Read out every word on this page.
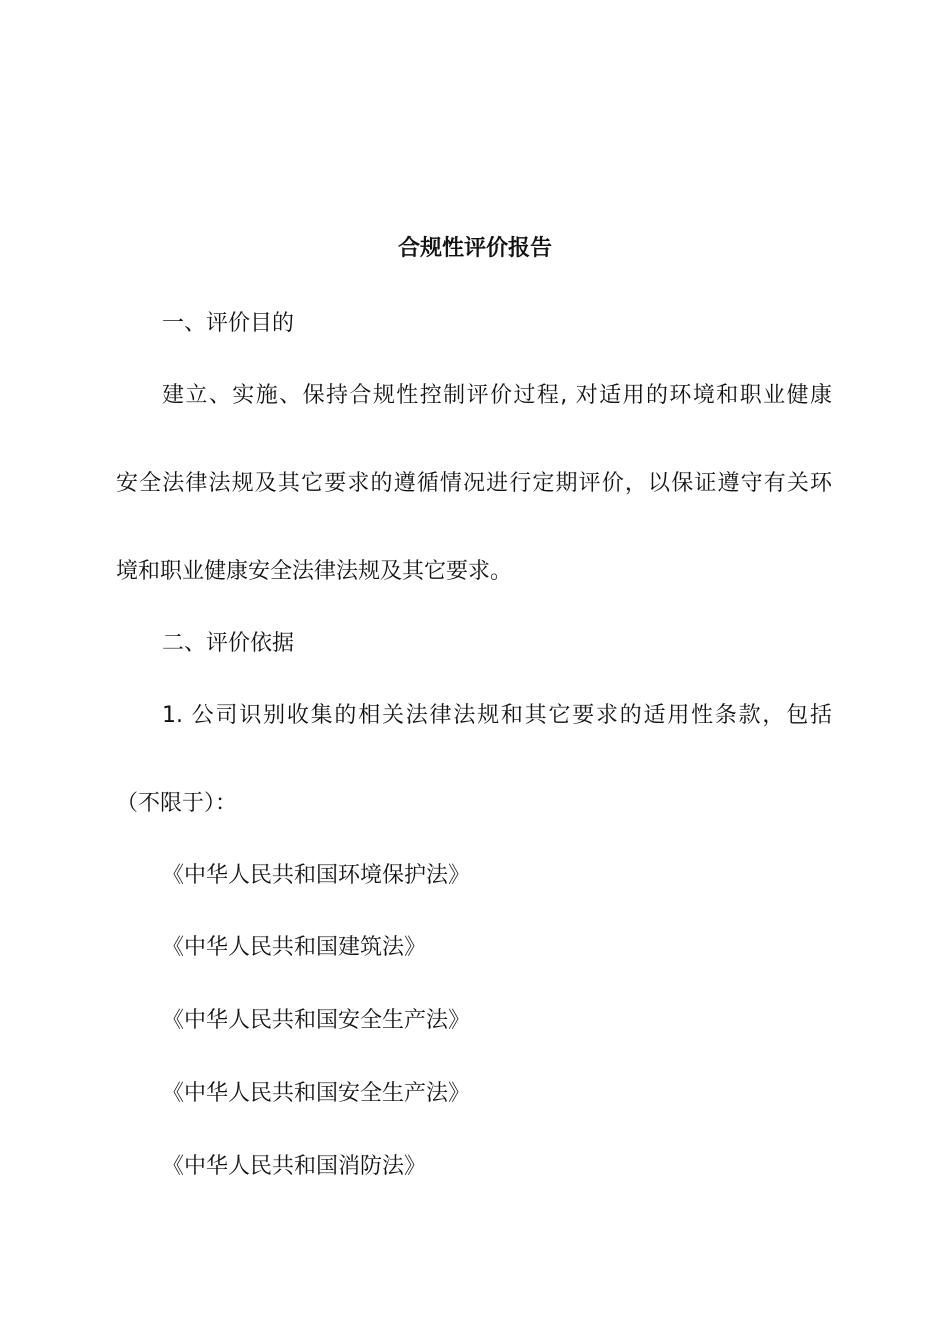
合规性评价报告
一、评价目的
建立、实施、保持合规性控制评价过程, 对适用的环境和职业健康
安全法律法规及其它要求的遵循情况进行定期评价，以保证遵守有关环
境和职业健康安全法律法规及其它要求。
二、评价依据
1. 公司识别收集的相关法律法规和其它要求的适用性条款，包括
（不限于）：
《中华人民共和国环境保护法》
《中华人民共和国建筑法》
《中华人民共和国安全生产法》
《中华人民共和国安全生产法》
《中华人民共和国消防法》
